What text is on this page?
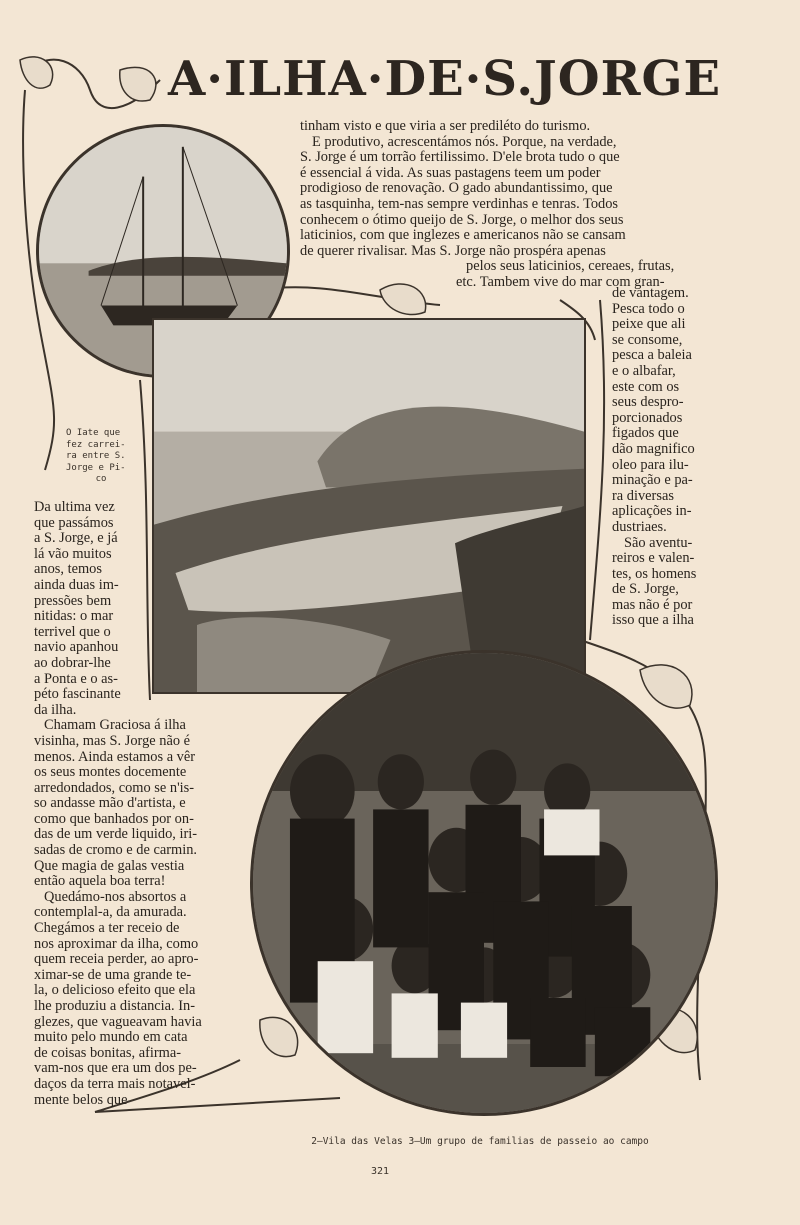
A·ILHA·DE·S.JORGE
O Iate que
fez carrei-
ra entre S.
Jorge e Pi-
co
tinham visto e que viria a ser prediléto do turismo.
E produtivo, acrescentámos nós. Porque, na verdade,
S. Jorge é um torrão fertilissimo. D'ele brota tudo o que
é essencial á vida. As suas pastagens teem um poder
prodigioso de renovação. O gado abundantissimo, que
as tasquinha, tem-nas sempre verdinhas e tenras. Todos
conhecem o ótimo queijo de S. Jorge, o melhor dos seus
laticinios, com que inglezes e americanos não se cansam
de querer rivalisar. Mas S. Jorge não prospéra apenas
pelos seus laticinios, cereaes, frutas,
etc. Tambem vive do mar com gran-
de vantagem.
Pesca todo o
peixe que ali
se consome,
pesca a baleia
e o albafar,
este com os
seus despro-
porcionados
figados que
dão magnifico
oleo para ilu-
minação e pa-
ra diversas
aplicações in-
dustriaes.
São aventu-
reiros e valen-
tes, os homens
de S. Jorge,
mas não é por
isso que a ilha
Da ultima vez
que passámos
a S. Jorge, e já
lá vão muitos
anos, temos
ainda duas im-
pressões bem
nitidas: o mar
terrivel que o
navio apanhou
ao dobrar-lhe
a Ponta e o as-
péto fascinante
da ilha.
Chamam Graciosa á ilha
visinha, mas S. Jorge não é
menos. Ainda estamos a vêr
os seus montes docemente
arredondados, como se n'is-
so andasse mão d'artista, e
como que banhados por on-
das de um verde liquido, iri-
sadas de cromo e de carmin.
Que magia de galas vestia
então aquela boa terra!
Quedámo-nos absortos a
contemplal-a, da amurada.
Chegámos a ter receio de
nos aproximar da ilha, como
quem receia perder, ao apro-
ximar-se de uma grande te-
la, o delicioso efeito que ela
lhe produziu a distancia. In-
glezes, que vagueavam havia
muito pelo mundo em cata
de coisas bonitas, afirma-
vam-nos que era um dos pe-
daços da terra mais notavel-
mente belos que
2—Vila das Velas 3—Um grupo de familias de passeio ao campo
321
